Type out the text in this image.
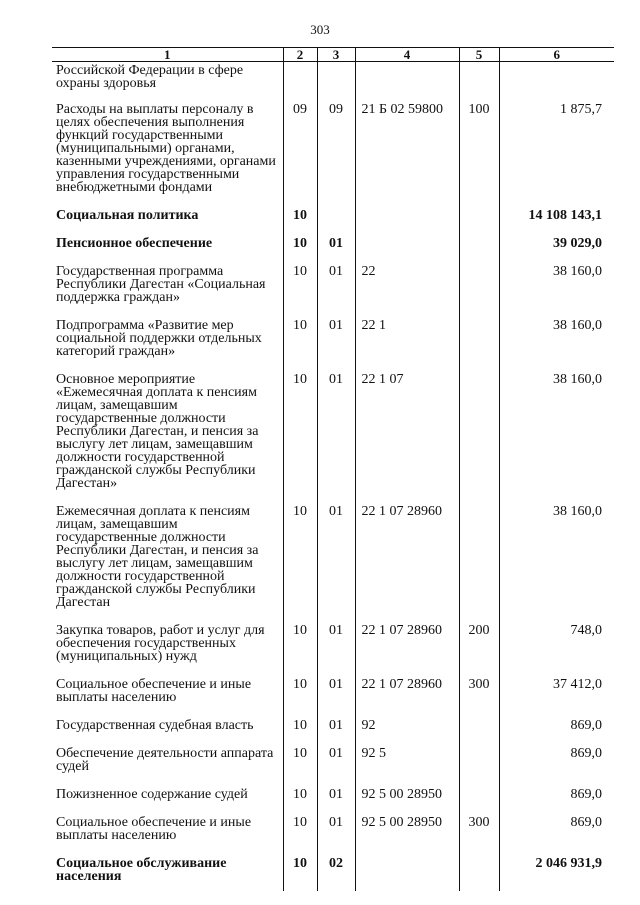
303
1	2	3	4	5	6
Российской Федерации в сфере охраны здоровья					
Расходы на выплаты персоналу в целях обеспечения выполнения функций государственными (муниципальными) органами, казенными учреждениями, органами управления государственными внебюджетными фондами	09	09	21 Б 02 59800	100	1 875,7
Социальная политика	10				14 108 143,1
Пенсионное обеспечение	10	01			39 029,0
Государственная программа Республики Дагестан «Социальная поддержка граждан»	10	01	22		38 160,0
Подпрограмма «Развитие мер социальной поддержки отдельных категорий граждан»	10	01	22 1		38 160,0
Основное мероприятие «Ежемесячная доплата к пенсиям лицам, замещавшим государственные должности Республики Дагестан, и пенсия за выслугу лет лицам, замещавшим должности государственной гражданской службы Республики Дагестан»	10	01	22 1 07		38 160,0
Ежемесячная доплата к пенсиям лицам, замещавшим государственные должности Республики Дагестан, и пенсия за выслугу лет лицам, замещавшим должности государственной гражданской службы Республики Дагестан	10	01	22 1 07 28960		38 160,0
Закупка товаров, работ и услуг для обеспечения государственных (муниципальных) нужд	10	01	22 1 07 28960	200	748,0
Социальное обеспечение и иные выплаты населению	10	01	22 1 07 28960	300	37 412,0
Государственная судебная власть	10	01	92		869,0
Обеспечение деятельности аппарата судей	10	01	92 5		869,0
Пожизненное содержание судей	10	01	92 5 00 28950		869,0
Социальное обеспечение и иные выплаты населению	10	01	92 5 00 28950	300	869,0
Социальное обслуживание населения	10	02			2 046 931,9
